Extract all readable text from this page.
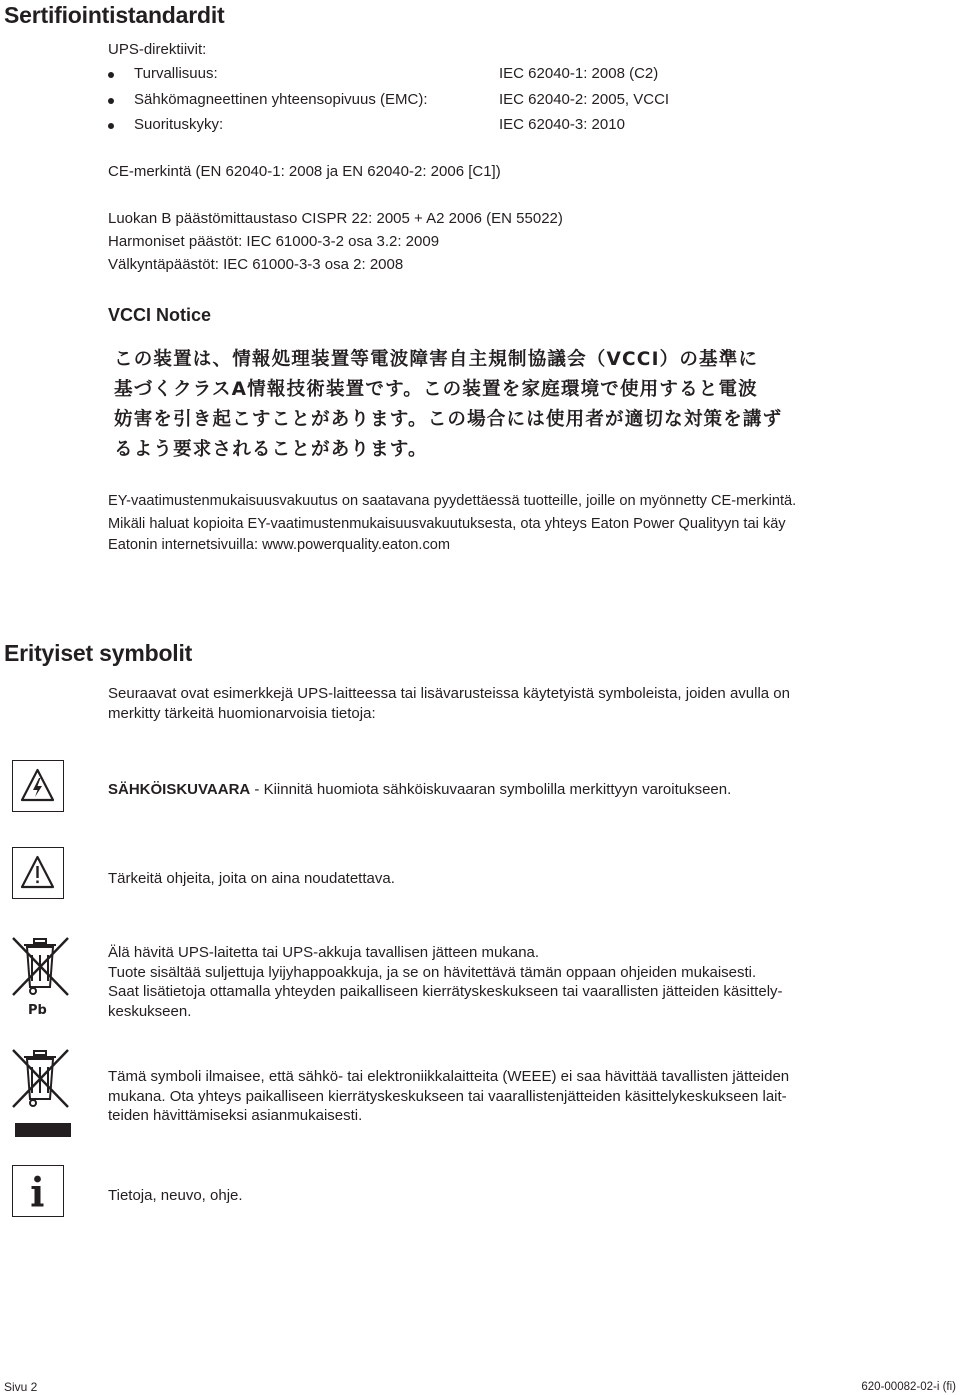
Sertifiointistandardit
UPS-direktiivit:
Turvallisuus:	IEC 62040-1: 2008 (C2)
Sähkömagneettinen yhteensopivuus (EMC):	IEC 62040-2: 2005, VCCI
Suorituskyky:	IEC 62040-3: 2010
CE-merkintä (EN 62040-1: 2008 ja EN 62040-2: 2006 [C1])
Luokan B päästömittaustaso CISPR 22: 2005 + A2 2006 (EN 55022)
Harmoniset päästöt: IEC 61000-3-2 osa 3.2: 2009
Välkyntäpäästöt: IEC 61000-3-3 osa 2: 2008
VCCI Notice
この装置は、情報処理装置等電波障害自主規制協議会（VCCI）の基準に
基づくクラスA情報技術装置です。この装置を家庭環境で使用すると電波
妨害を引き起こすことがあります。この場合には使用者が適切な対策を講ず
るよう要求されることがあります。
EY-vaatimustenmukaisuusvakuutus on saatavana pyydettäessä tuotteille, joille on myönnetty CE-merkintä.
Mikäli haluat kopioita EY-vaatimustenmukaisuusvakuutuksesta, ota yhteys Eaton Power Qualityyn tai käy
Eatonin internetsivuilla: www.powerquality.eaton.com
Erityiset symbolit
Seuraavat ovat esimerkkejä UPS-laitteessa tai lisävarusteissa käytetyistä symboleista, joiden avulla on
merkitty tärkeitä huomionarvoisia tietoja:
SÄHKÖISKUVAARA - Kiinnitä huomiota sähköiskuvaaran symbolilla merkittyyn varoitukseen.
Tärkeitä ohjeita, joita on aina noudatettava.
Pb
Älä hävitä UPS-laitetta tai UPS-akkuja tavallisen jätteen mukana.
Tuote sisältää suljettuja lyijyhappoakkuja, ja se on hävitettävä tämän oppaan ohjeiden mukaisesti.
Saat lisätietoja ottamalla yhteyden paikalliseen kierrätyskeskukseen tai vaarallisten jätteiden käsittely-
keskukseen.
Tämä symboli ilmaisee, että sähkö- tai elektroniikkalaitteita (WEEE) ei saa hävittää tavallisten jätteiden
mukana. Ota yhteys paikalliseen kierrätyskeskukseen tai vaarallistenjätteiden käsittelykeskukseen lait-
teiden hävittämiseksi asianmukaisesti.
Tietoja, neuvo, ohje.
Sivu 2	620-00082-02-i (fi)
